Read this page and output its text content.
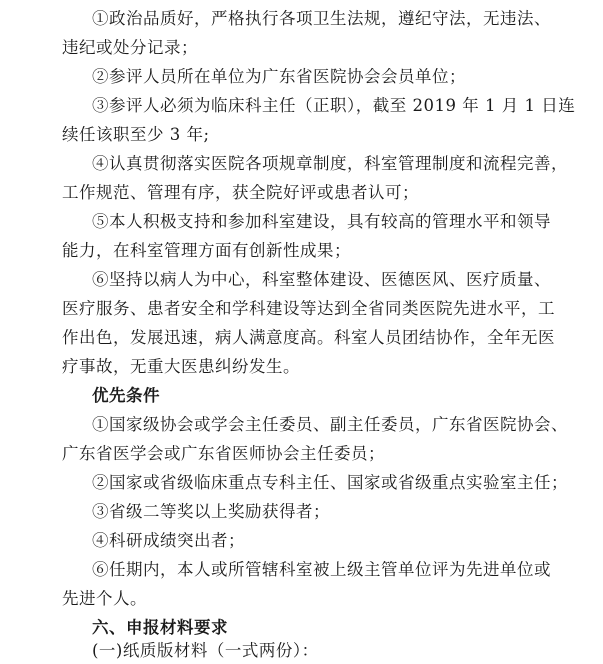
①政治品质好，严格执行各项卫生法规，遵纪守法，无违法、
违纪或处分记录；
②参评人员所在单位为广东省医院协会会员单位；
③参评人必须为临床科主任（正职），截至 2019 年 1 月 1 日连
续任该职至少 3 年;
④认真贯彻落实医院各项规章制度，科室管理制度和流程完善，
工作规范、管理有序，获全院好评或患者认可；
⑤本人积极支持和参加科室建设，具有较高的管理水平和领导
能力，在科室管理方面有创新性成果；
⑥坚持以病人为中心，科室整体建设、医德医风、医疗质量、
医疗服务、患者安全和学科建设等达到全省同类医院先进水平，工
作出色，发展迅速，病人满意度高。科室人员团结协作，全年无医
疗事故，无重大医患纠纷发生。
优先条件
①国家级协会或学会主任委员、副主任委员，广东省医院协会、
广东省医学会或广东省医师协会主任委员；
②国家或省级临床重点专科主任、国家或省级重点实验室主任；
③省级二等奖以上奖励获得者；
④科研成绩突出者；
⑥任期内，本人或所管辖科室被上级主管单位评为先进单位或
先进个人。
六、申报材料要求
(一)纸质版材料（一式两份）：
